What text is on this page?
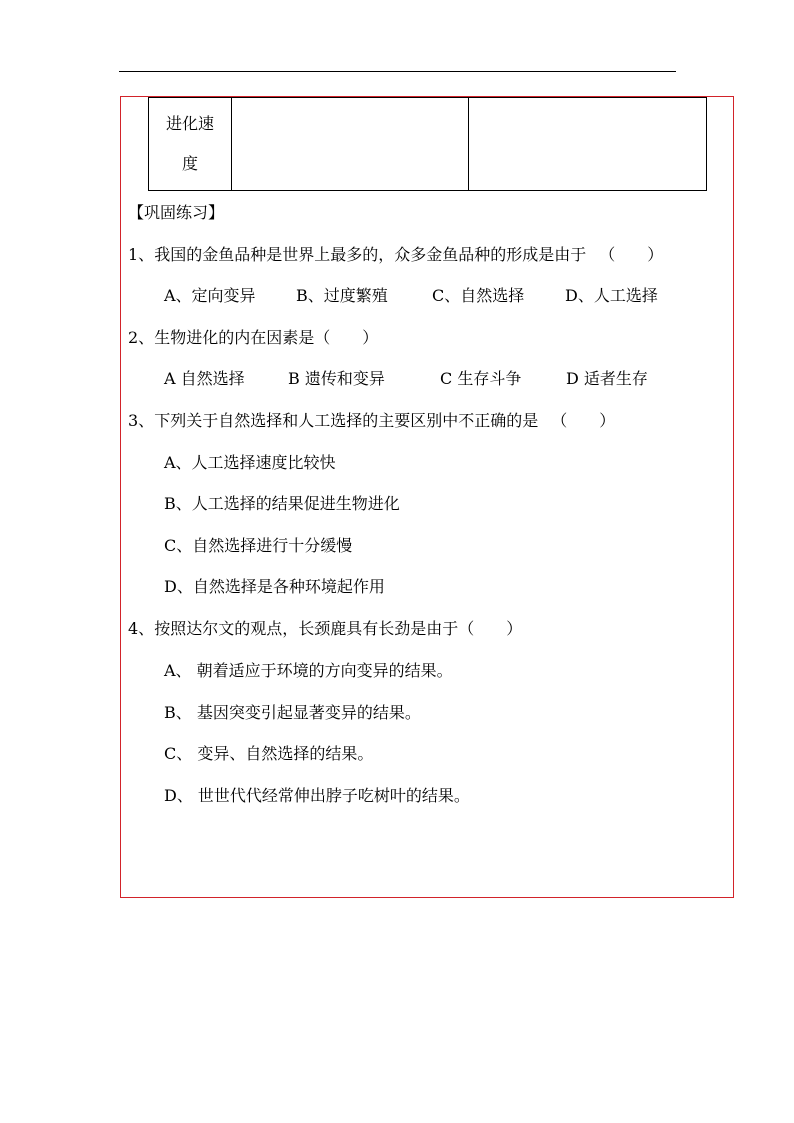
进化速度		
【巩固练习】
1、我国的金鱼品种是世界上最多的，众多金鱼品种的形成是由于 （　　）
A、定向变异	B、过度繁殖	C、自然选择	D、人工选择
2、生物进化的内在因素是（　　）
A 自然选择	B 遗传和变异	C 生存斗争	D 适者生存
3、下列关于自然选择和人工选择的主要区别中不正确的是 （　　）
A、人工选择速度比较快
B、人工选择的结果促进生物进化
C、自然选择进行十分缓慢
D、自然选择是各种环境起作用
4、按照达尔文的观点，长颈鹿具有长劲是由于（　　）
A、 朝着适应于环境的方向变异的结果。
B、 基因突变引起显著变异的结果。
C、 变异、自然选择的结果。
D、 世世代代经常伸出脖子吃树叶的结果。
